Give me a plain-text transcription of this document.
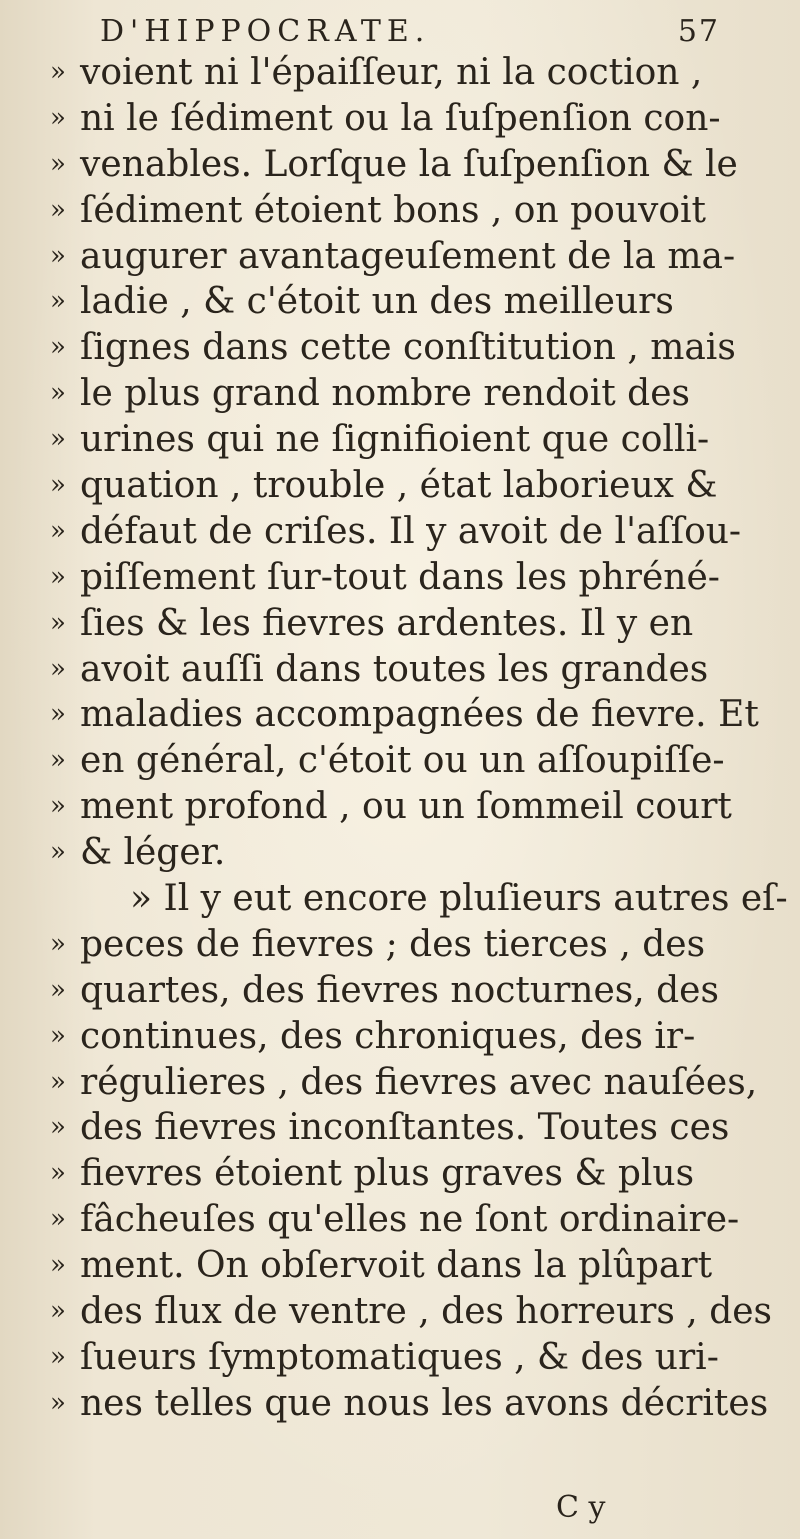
D'HIPPOCRATE.	57
» voient ni l'épaiſſeur, ni la coction ,
» ni le ſédiment ou la ſuſpenſion con-
» venables. Lorſque la ſuſpenſion & le
» ſédiment étoient bons , on pouvoit
» augurer avantageuſement de la ma-
» ladie , & c'étoit un des meilleurs
» ſignes dans cette conſtitution , mais
» le plus grand nombre rendoit des
» urines qui ne ſignifioient que colli-
» quation , trouble , état laborieux &
» défaut de criſes. Il y avoit de l'aſſou-
» piſſement ſur-tout dans les phréné-
» ſies & les fievres ardentes. Il y en
» avoit auſſi dans toutes les grandes
» maladies accompagnées de fievre. Et
» en général, c'étoit ou un aſſoupiſſe-
» ment profond , ou un ſommeil court
» & léger.
» Il y eut encore pluſieurs autres eſ-
» peces de fievres ; des tierces , des
» quartes, des fievres nocturnes, des
» continues, des chroniques, des ir-
» régulieres , des fievres avec nauſées,
» des fievres inconſtantes. Toutes ces
» fievres étoient plus graves & plus
» fâcheuſes qu'elles ne ſont ordinaire-
» ment. On obſervoit dans la plûpart
» des flux de ventre , des horreurs , des
» ſueurs ſymptomatiques , & des uri-
» nes telles que nous les avons décrites
C y
